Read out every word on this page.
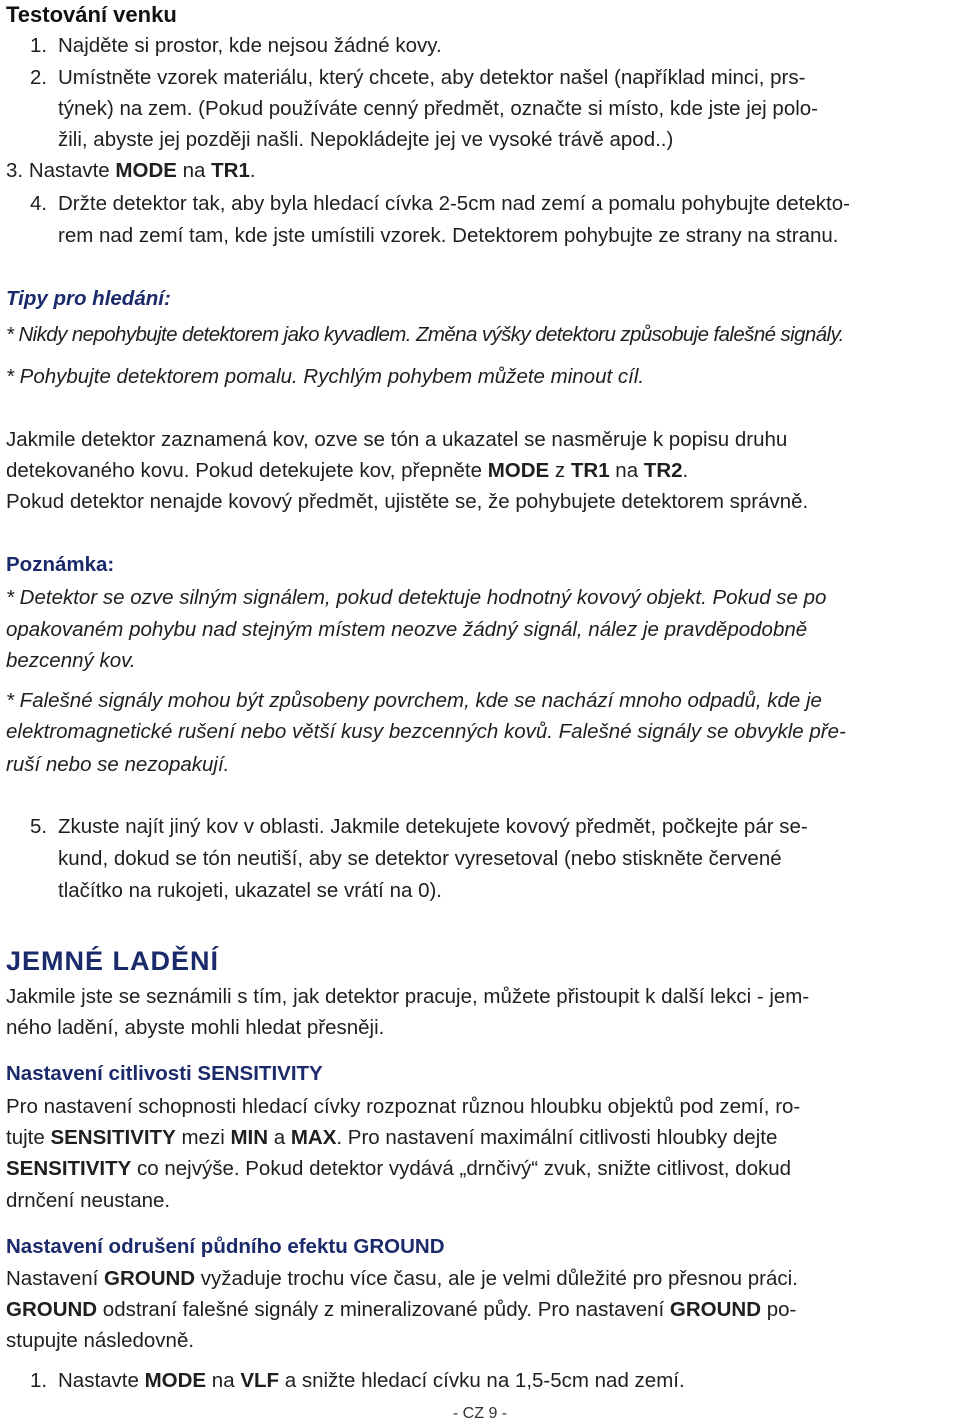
Testování venku
1. Najděte si prostor, kde nejsou žádné kovy.
2. Umístněte vzorek materiálu, který chcete, aby detektor našel (například minci, prs-
týnek) na zem. (Pokud používáte cenný předmět, označte si místo, kde jste jej polo-
žili, abyste jej později našli. Nepokládejte jej ve vysoké trávě apod..)
3. Nastavte MODE na TR1.
4. Držte detektor tak, aby byla hledací cívka 2-5cm nad zemí a pomalu pohybujte detekto-
rem nad zemí tam, kde jste umístili vzorek. Detektorem pohybujte ze strany na stranu.
Tipy pro hledání:
* Nikdy nepohybujte detektorem jako kyvadlem. Změna výšky detektoru způsobuje falešné signály.
* Pohybujte detektorem pomalu. Rychlým pohybem můžete minout cíl.
Jakmile detektor zaznamená kov, ozve se tón a ukazatel se nasměruje k popisu druhu
detekovaného kovu. Pokud detekujete kov, přepněte MODE z TR1 na TR2.
Pokud detektor nenajde kovový předmět, ujistěte se, že pohybujete detektorem správně.
Poznámka:
* Detektor se ozve silným signálem, pokud detektuje hodnotný kovový objekt. Pokud se po
opakovaném pohybu nad stejným místem neozve žádný signál, nález je pravděpodobně
bezcenný kov.
* Falešné signály mohou být způsobeny povrchem, kde se nachází mnoho odpadů, kde je
elektromagnetické rušení nebo větší kusy bezcenných kovů. Falešné signály se obvykle pře-
ruší nebo se nezopakují.
5. Zkuste najít jiný kov v oblasti. Jakmile detekujete kovový předmět, počkejte pár se-
kund, dokud se tón neutiší, aby se detektor vyresetoval (nebo stiskněte červené
tlačítko na rukojeti, ukazatel se vrátí na 0).
JEMNÉ LADĚNÍ
Jakmile jste se seznámili s tím, jak detektor pracuje, můžete přistoupit k další lekci - jem-
ného ladění, abyste mohli hledat přesněji.
Nastavení citlivosti SENSITIVITY
Pro nastavení schopnosti hledací cívky rozpoznat různou hloubku objektů pod zemí, ro-
tujte SENSITIVITY mezi MIN a MAX. Pro nastavení maximální citlivosti hloubky dejte
SENSITIVITY co nejvýše. Pokud detektor vydává „drnčivý“ zvuk, snižte citlivost, dokud
drnčení neustane.
Nastavení odrušení půdního efektu GROUND
Nastavení GROUND vyžaduje trochu více času, ale je velmi důležité pro přesnou práci.
GROUND odstraní falešné signály z mineralizované půdy. Pro nastavení GROUND po-
stupujte následovně.
1. Nastavte MODE na VLF a snižte hledací cívku na 1,5-5cm nad zemí.
- CZ 9 -
